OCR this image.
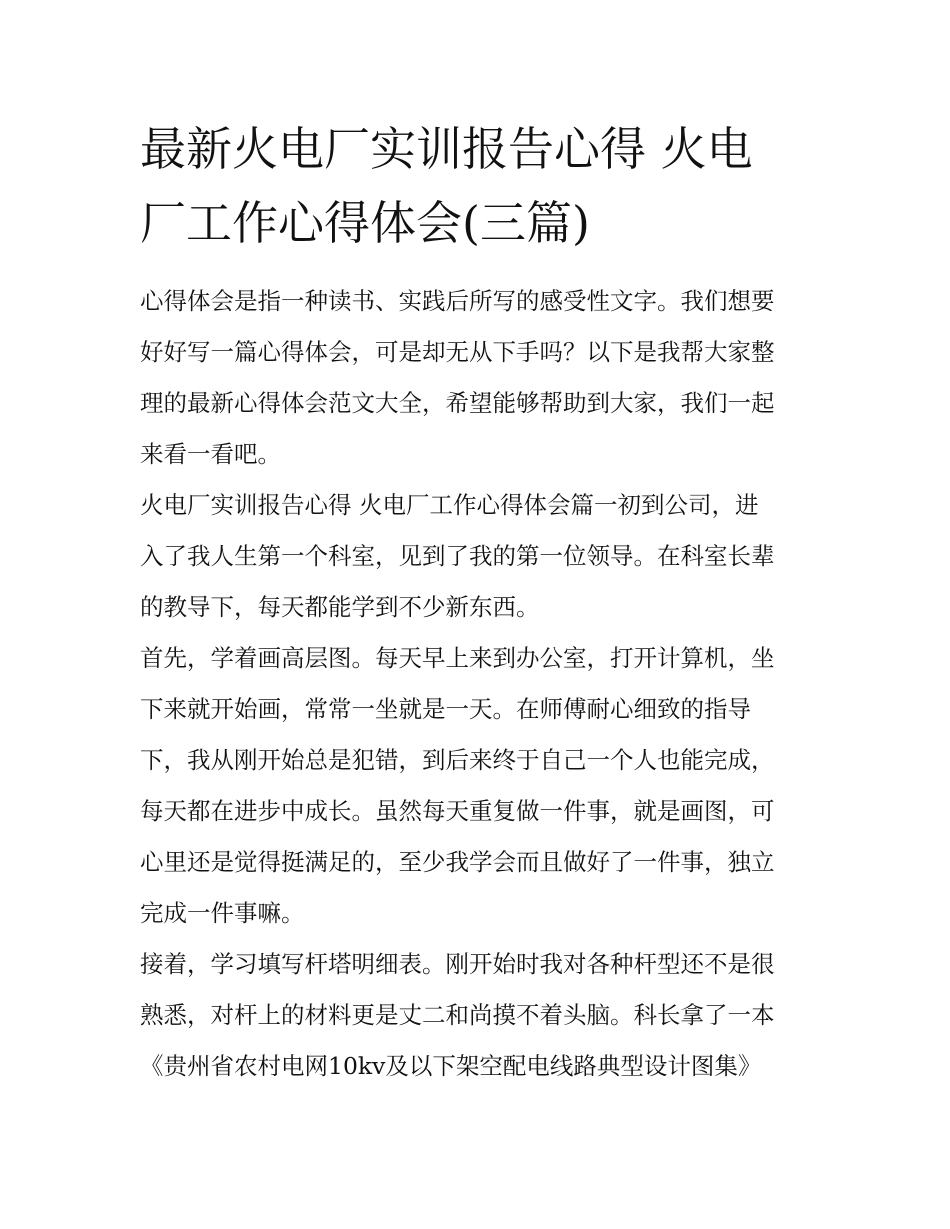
最新火电厂实训报告心得 火电
厂工作心得体会(三篇)
心得体会是指一种读书、实践后所写的感受性文字。我们想要
好好写一篇心得体会，可是却无从下手吗？以下是我帮大家整
理的最新心得体会范文大全，希望能够帮助到大家，我们一起
来看一看吧。
火电厂实训报告心得 火电厂工作心得体会篇一初到公司，进
入了我人生第一个科室，见到了我的第一位领导。在科室长辈
的教导下，每天都能学到不少新东西。
首先，学着画高层图。每天早上来到办公室，打开计算机，坐
下来就开始画，常常一坐就是一天。在师傅耐心细致的指导
下，我从刚开始总是犯错，到后来终于自己一个人也能完成，
每天都在进步中成长。虽然每天重复做一件事，就是画图，可
心里还是觉得挺满足的，至少我学会而且做好了一件事，独立
完成一件事嘛。
接着，学习填写杆塔明细表。刚开始时我对各种杆型还不是很
熟悉，对杆上的材料更是丈二和尚摸不着头脑。科长拿了一本
《贵州省农村电网10kv及以下架空配电线路典型设计图集》
